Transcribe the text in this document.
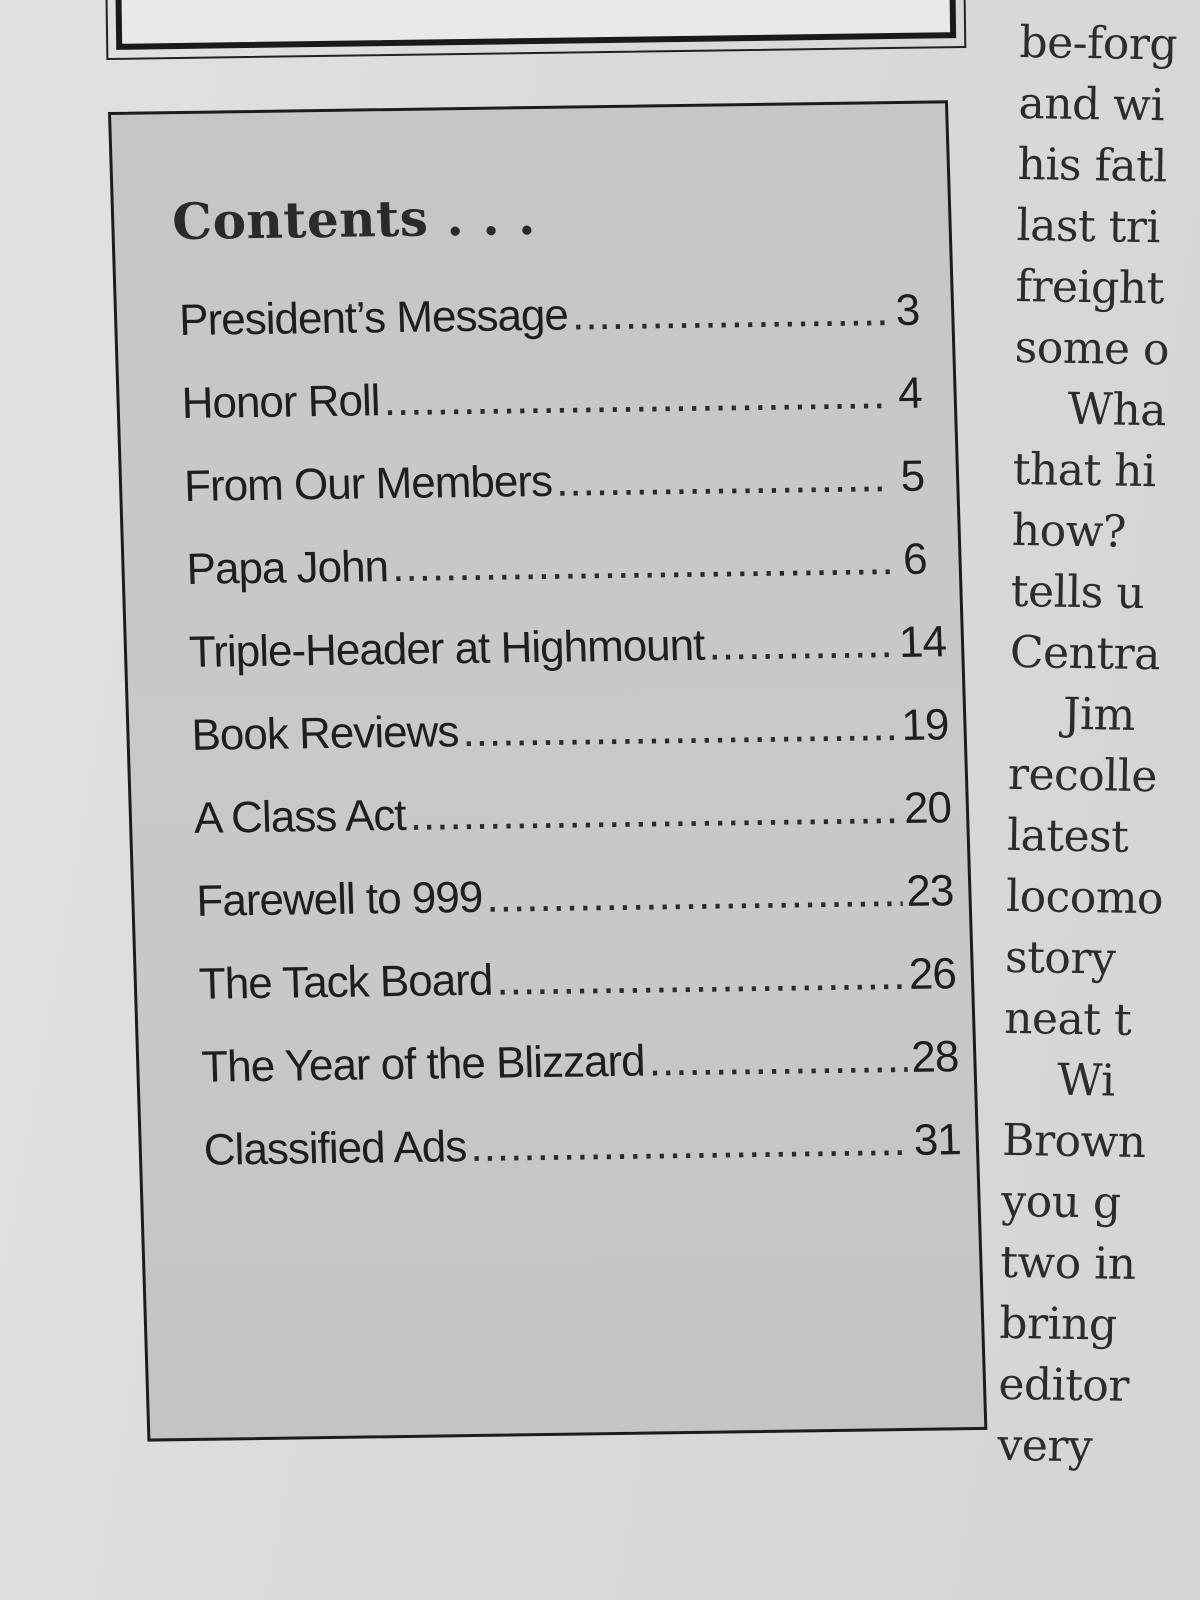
Contents . . .
President’s Message .....	3
Honor Roll .....	4
From Our Members .....	5
Papa John .....	6
Triple-Header at Highmount .....	14
Book Reviews .....	19
A Class Act .....	20
Farewell to 999 .....	23
The Tack Board .....	26
The Year of the Blizzard .....	28
Classified Ads .....	31
be-forg
and wi
his fatl
last tri
freight
some o
Wha
that hi
how?
tells u
Centra
Jim
recolle
latest
locomo
story
neat t
Wi
Brown
you g
two in
bring
editor
very
